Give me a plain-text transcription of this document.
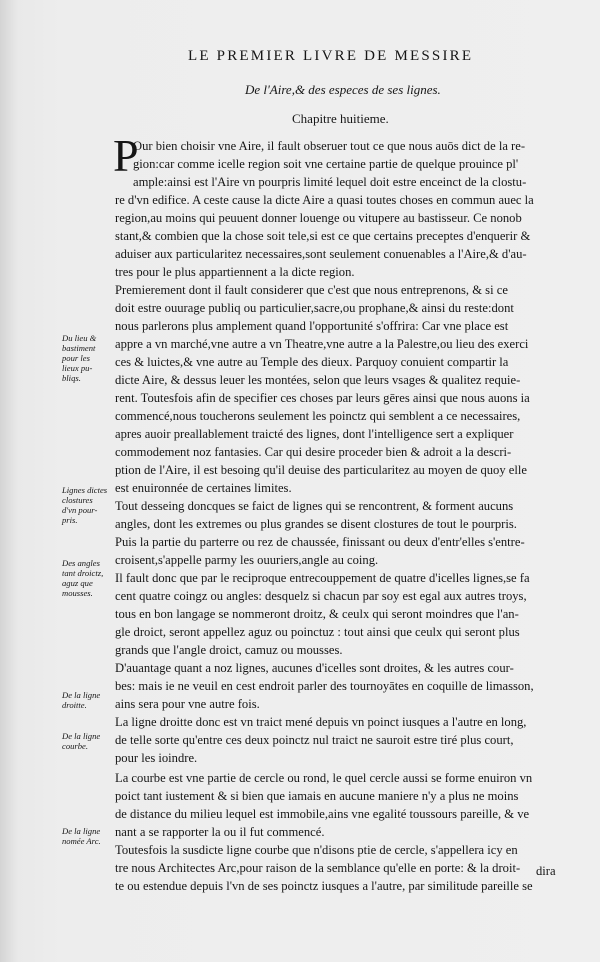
LE PREMIER LIVRE DE MESSIRE
De l'Aire,& des especes de ses lignes.
Chapitre huitieme.
P
Our bien choisir vne Aire, il fault obseruer tout ce que nous auōs dict de la re-
gion:car comme icelle region soit vne certaine partie de quelque prouince pl'
ample:ainsi est l'Aire vn pourpris limité lequel doit estre enceinct de la clostu-
re d'vn edifice. A ceste cause la dicte Aire a quasi toutes choses en commun auec la
region,au moins qui peuuent donner louenge ou vitupere au bastisseur. Ce nonob
stant,& combien que la chose soit tele,si est ce que certains preceptes d'enquerir &
aduiser aux particularitez necessaires,sont seulement conuenables a l'Aire,& d'au-
tres pour le plus appartiennent a la dicte region.
Premierement dont il fault considerer que c'est que nous entreprenons, & si ce
doit estre ouurage publiq ou particulier,sacre,ou prophane,& ainsi du reste:dont
nous parlerons plus amplement quand l'opportunité s'offrira: Car vne place est
appre a vn marché,vne autre a vn Theatre,vne autre a la Palestre,ou lieu des exerci
ces & luictes,& vne autre au Temple des dieux. Parquoy conuient compartir la
dicte Aire, & dessus leuer les montées, selon que leurs vsages & qualitez requie-
rent. Toutesfois afin de specifier ces choses par leurs gēres ainsi que nous auons ia
commencé,nous toucherons seulement les poinctz qui semblent a ce necessaires,
apres auoir preallablement traicté des lignes, dont l'intelligence sert a expliquer
commodement noz fantasies. Car qui desire proceder bien & adroit a la descri-
ption de l'Aire, il est besoing qu'il deuise des particularitez au moyen de quoy elle
est enuironnée de certaines limites.
Tout desseing doncques se faict de lignes qui se rencontrent, & forment aucuns
angles, dont les extremes ou plus grandes se disent clostures de tout le pourpris.
Puis la partie du parterre ou rez de chaussée, finissant ou deux d'entr'elles s'entre-
croisent,s'appelle parmy les ouuriers,angle au coing.
Il fault donc que par le reciproque entrecouppement de quatre d'icelles lignes,se fa
cent quatre coingz ou angles: desquelz si chacun par soy est egal aux autres troys,
tous en bon langage se nommeront droitz, & ceulx qui seront moindres que l'an-
gle droict, seront appellez aguz ou poinctuz : tout ainsi que ceulx qui seront plus
grands que l'angle droict, camuz ou mousses.
D'auantage quant a noz lignes, aucunes d'icelles sont droites, & les autres cour-
bes: mais ie ne veuil en cest endroit parler des tournoyātes en coquille de limasson,
ains sera pour vne autre fois.
La ligne droitte donc est vn traict mené depuis vn poinct iusques a l'autre en long,
de telle sorte qu'entre ces deux poinctz nul traict ne sauroit estre tiré plus court,
pour les ioindre.
La courbe est vne partie de cercle ou rond, le quel cercle aussi se forme enuiron vn
poict tant iustement & si bien que iamais en aucune maniere n'y a plus ne moins
de distance du milieu lequel est immobile,ains vne egalité toussours pareille, & ve
nant a se rapporter la ou il fut commencé.
Toutesfois la susdicte ligne courbe que n'disons ptie de cercle, s'appellera icy en
tre nous Architectes Arc,pour raison de la semblance qu'elle en porte: & la droit-
te ou estendue depuis l'vn de ses poinctz iusques a l'autre, par similitude pareille se
Du lieu &
bastiment
pour les
lieux pu-
bliqs.
Lignes dictes
clostures
d'vn pour-
pris.
Des angles
tant droictz,
aguz que
mousses.
De la ligne
droitte.
De la ligne
courbe.
De la ligne
nomée Arc.
dira
